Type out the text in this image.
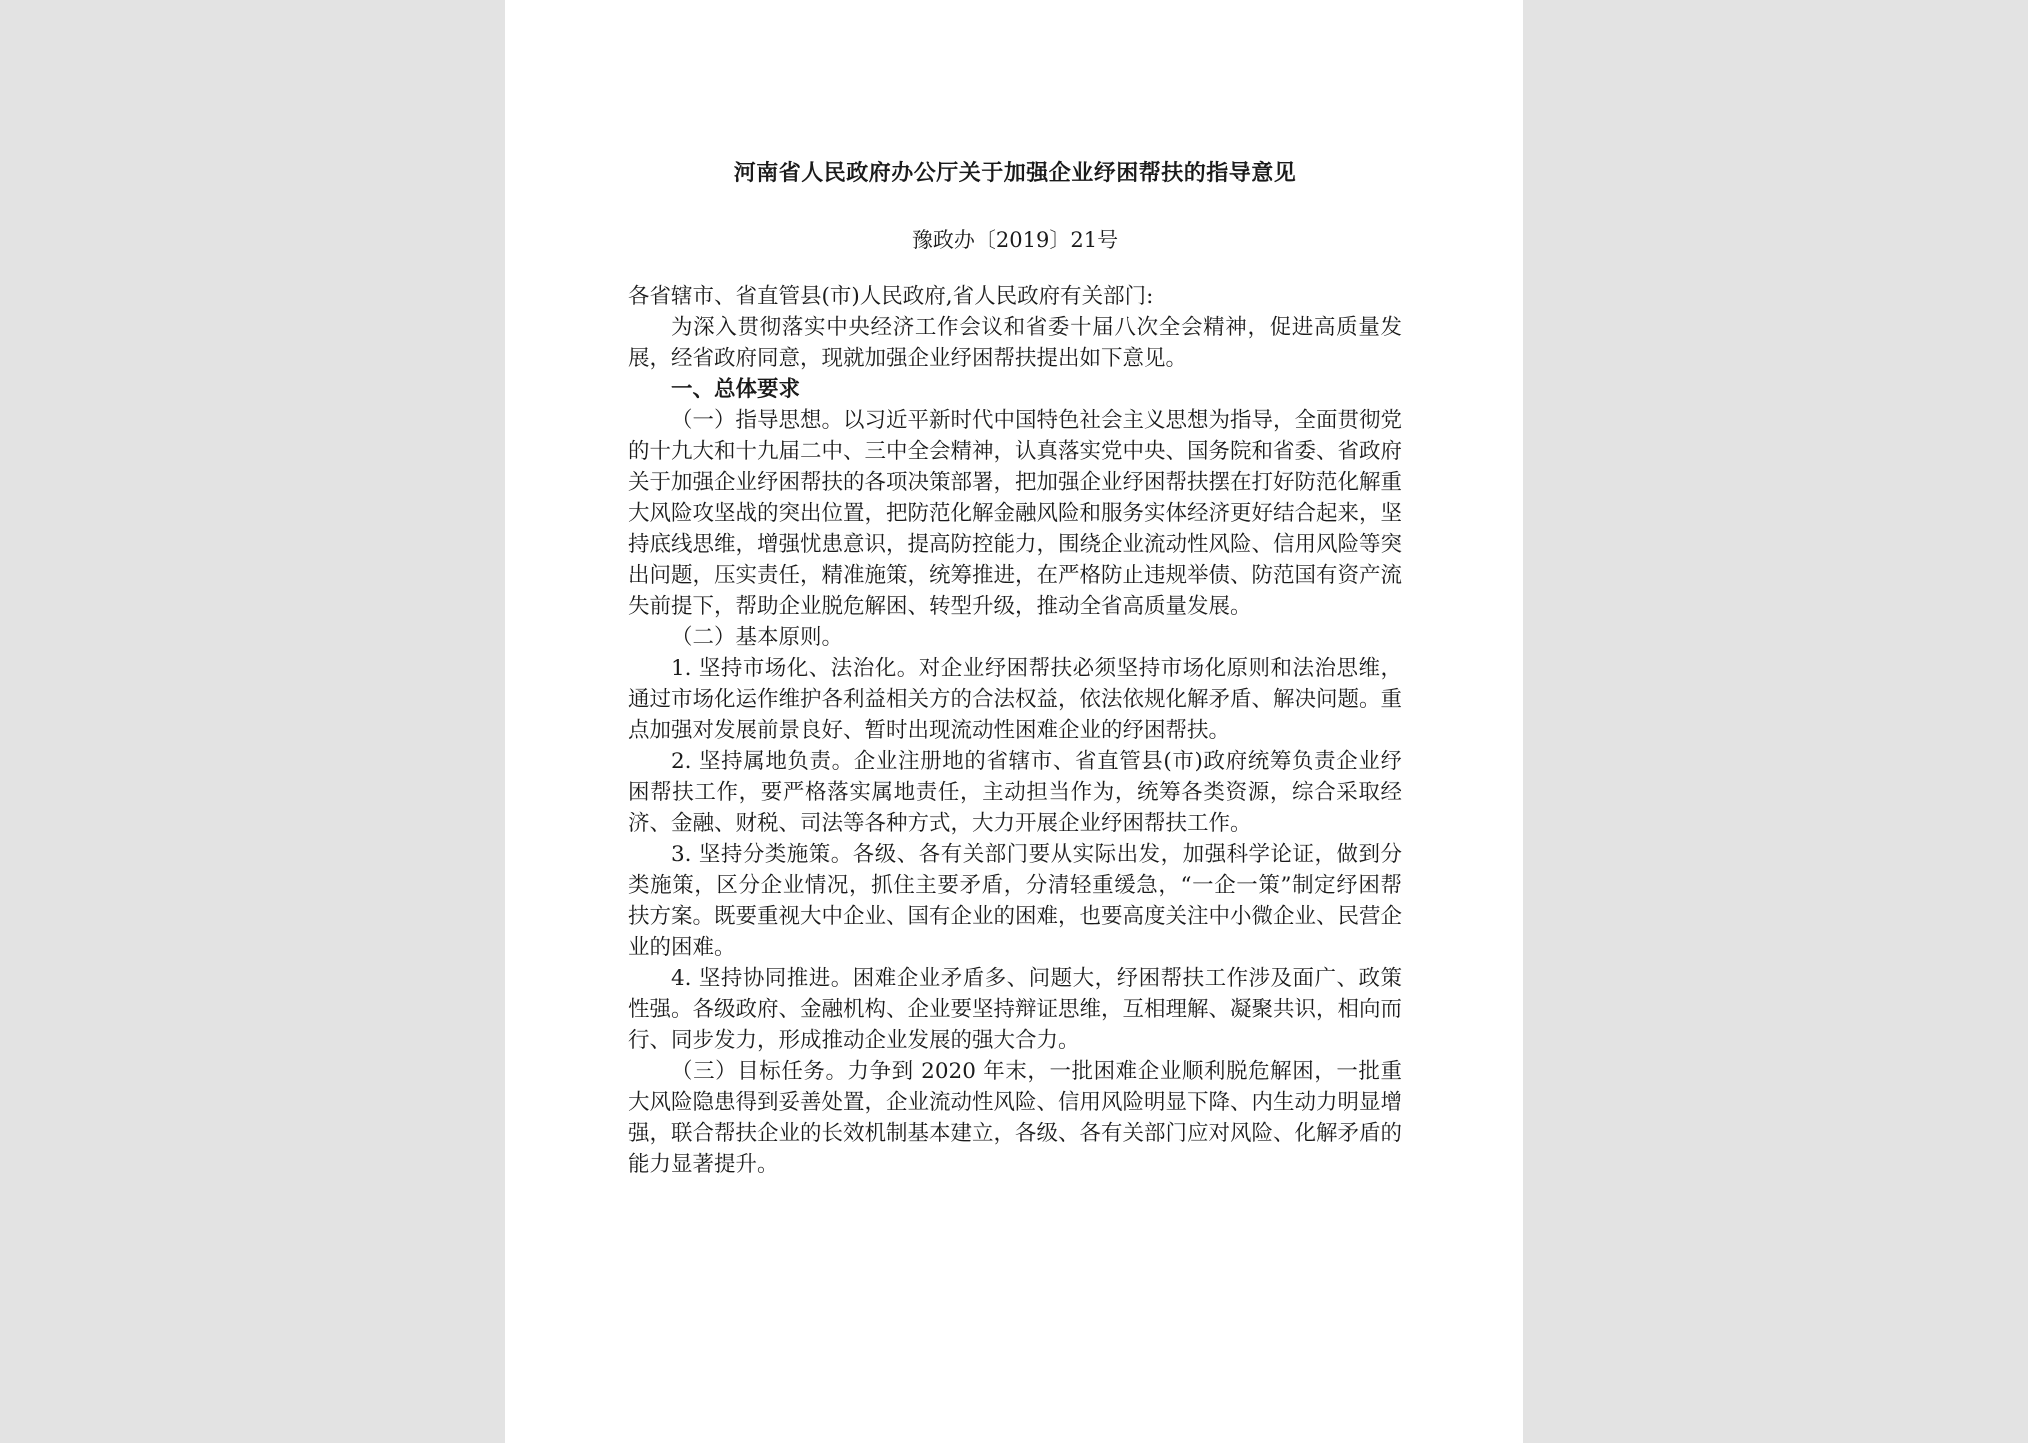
河南省人民政府办公厅关于加强企业纾困帮扶的指导意见
豫政办〔2019〕21号

各省辖市、省直管县(市)人民政府,省人民政府有关部门:

为深入贯彻落实中央经济工作会议和省委十届八次全会精神，促进高质量发展，经省政府同意，现就加强企业纾困帮扶提出如下意见。

一、总体要求

（一）指导思想。以习近平新时代中国特色社会主义思想为指导，全面贯彻党的十九大和十九届二中、三中全会精神，认真落实党中央、国务院和省委、省政府关于加强企业纾困帮扶的各项决策部署，把加强企业纾困帮扶摆在打好防范化解重大风险攻坚战的突出位置，把防范化解金融风险和服务实体经济更好结合起来，坚持底线思维，增强忧患意识，提高防控能力，围绕企业流动性风险、信用风险等突出问题，压实责任，精准施策，统筹推进，在严格防止违规举债、防范国有资产流失前提下，帮助企业脱危解困、转型升级，推动全省高质量发展。

（二）基本原则。

1. 坚持市场化、法治化。对企业纾困帮扶必须坚持市场化原则和法治思维，通过市场化运作维护各利益相关方的合法权益，依法依规化解矛盾、解决问题。重点加强对发展前景良好、暂时出现流动性困难企业的纾困帮扶。

2. 坚持属地负责。企业注册地的省辖市、省直管县(市)政府统筹负责企业纾困帮扶工作，要严格落实属地责任，主动担当作为，统筹各类资源，综合采取经济、金融、财税、司法等各种方式，大力开展企业纾困帮扶工作。

3. 坚持分类施策。各级、各有关部门要从实际出发，加强科学论证，做到分类施策，区分企业情况，抓住主要矛盾，分清轻重缓急，“一企一策”制定纾困帮扶方案。既要重视大中企业、国有企业的困难，也要高度关注中小微企业、民营企业的困难。

4. 坚持协同推进。困难企业矛盾多、问题大，纾困帮扶工作涉及面广、政策性强。各级政府、金融机构、企业要坚持辩证思维，互相理解、凝聚共识，相向而行、同步发力，形成推动企业发展的强大合力。

（三）目标任务。力争到 2020 年末，一批困难企业顺利脱危解困，一批重大风险隐患得到妥善处置，企业流动性风险、信用风险明显下降、内生动力明显增强，联合帮扶企业的长效机制基本建立，各级、各有关部门应对风险、化解矛盾的能力显著提升。
